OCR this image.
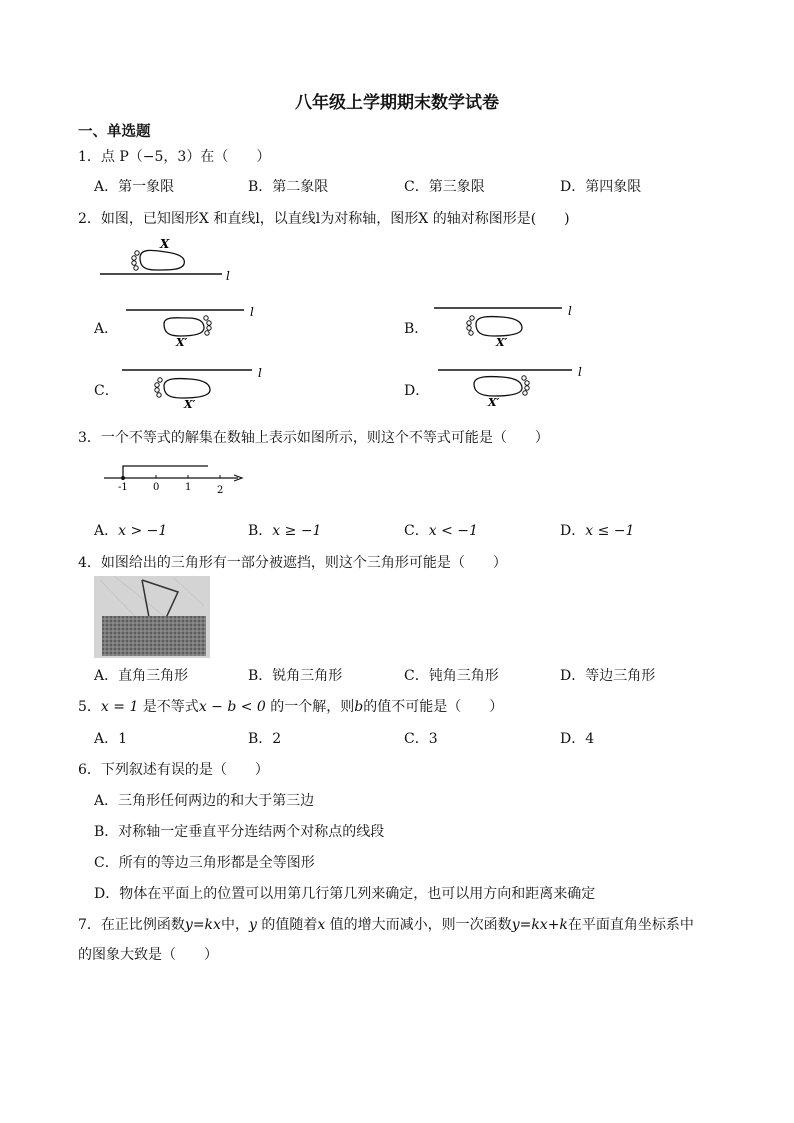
八年级上学期期末数学试卷
一、单选题
1．点 P（−5，3）在（　　）
A．第一象限	B．第二象限	C．第三象限	D．第四象限
2．如图，已知图形X 和直线l，以直线l为对称轴，图形X 的轴对称图形是(　　)
l
X
A．
l
X′
B．
l
X′
C．
l
X′
D．
l
X′
3．一个不等式的解集在数轴上表示如图所示，则这个不等式可能是（　　）
-1	0	1	2
A．x > −1	B．x ≥ −1	C．x < −1	D．x ≤ −1
4．如图给出的三角形有一部分被遮挡，则这个三角形可能是（　　）
A．直角三角形	B．锐角三角形	C．钝角三角形	D．等边三角形
5．x = 1 是不等式x − b < 0 的一个解，则b的值不可能是（　　）
A．1	B．2	C．3	D．4
6．下列叙述有误的是（　　）
A．三角形任何两边的和大于第三边
B．对称轴一定垂直平分连结两个对称点的线段
C．所有的等边三角形都是全等图形
D．物体在平面上的位置可以用第几行第几列来确定，也可以用方向和距离来确定
7．在正比例函数y=kx中，y 的值随着x 值的增大而减小，则一次函数y=kx+k在平面直角坐标系中
的图象大致是（　　）
